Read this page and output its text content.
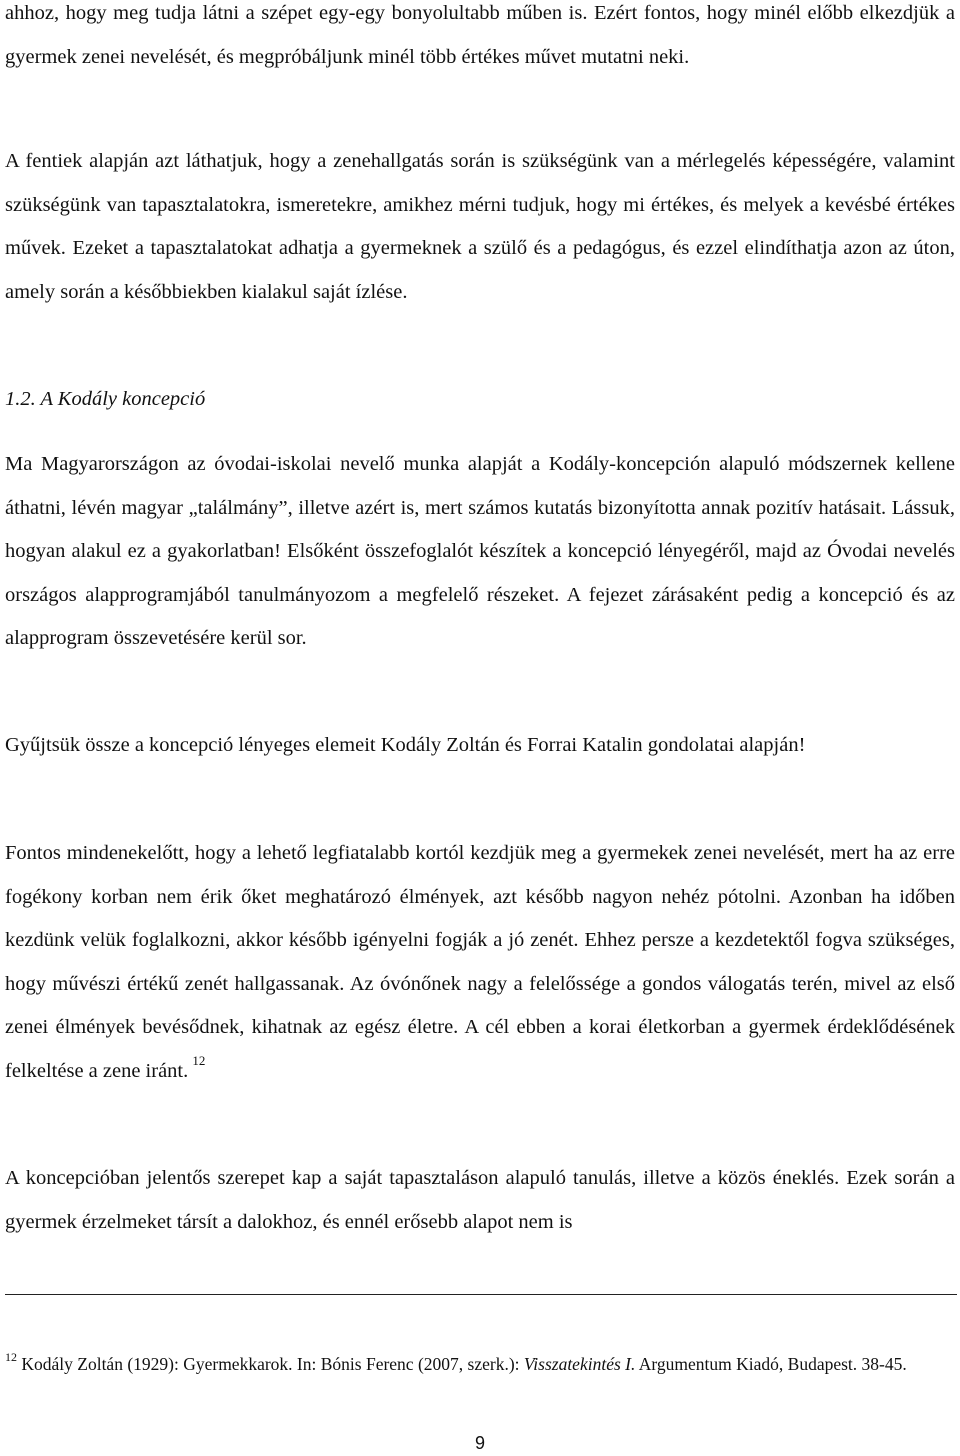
ahhoz, hogy meg tudja látni a szépet egy-egy bonyolultabb műben is. Ezért fontos, hogy minél előbb elkezdjük a gyermek zenei nevelését, és megpróbáljunk minél több értékes művet mutatni neki.

A fentiek alapján azt láthatjuk, hogy a zenehallgatás során is szükségünk van a mérlegelés képességére, valamint szükségünk van tapasztalatokra, ismeretekre, amikhez mérni tudjuk, hogy mi értékes, és melyek a kevésbé értékes művek. Ezeket a tapasztalatokat adhatja a gyermeknek a szülő és a pedagógus, és ezzel elindíthatja azon az úton, amely során a későbbiekben kialakul saját ízlése.

1.2. A Kodály koncepció

Ma Magyarországon az óvodai-iskolai nevelő munka alapját a Kodály-koncepción alapuló módszernek kellene áthatni, lévén magyar „találmány”, illetve azért is, mert számos kutatás bizonyította annak pozitív hatásait. Lássuk, hogyan alakul ez a gyakorlatban! Elsőként összefoglalót készítek a koncepció lényegéről, majd az Óvodai nevelés országos alapprogramjából tanulmányozom a megfelelő részeket. A fejezet zárásaként pedig a koncepció és az alapprogram összevetésére kerül sor.

Gyűjtsük össze a koncepció lényeges elemeit Kodály Zoltán és Forrai Katalin gondolatai alapján!

Fontos mindenekelőtt, hogy a lehető legfiatalabb kortól kezdjük meg a gyermekek zenei nevelését, mert ha az erre fogékony korban nem érik őket meghatározó élmények, azt később nagyon nehéz pótolni. Azonban ha időben kezdünk velük foglalkozni, akkor később igényelni fogják a jó zenét. Ehhez persze a kezdetektől fogva szükséges, hogy művészi értékű zenét hallgassanak. Az óvónőnek nagy a felelőssége a gondos válogatás terén, mivel az első zenei élmények bevésődnek, kihatnak az egész életre. A cél ebben a korai életkorban a gyermek érdeklődésének felkeltése a zene iránt.  $^{12}$

A koncepcióban jelentős szerepet kap a saját tapasztaláson alapuló tanulás, illetve a közös éneklés. Ezek során a gyermek érzelmeket társít a dalokhoz, és ennél erősebb alapot nem is

$^{12}$ Kodály Zoltán (1929): Gyermekkarok. In: Bónis Ferenc (2007, szerk.): Visszatekintés I. Argumentum Kiadó, Budapest. 38-45.

9
